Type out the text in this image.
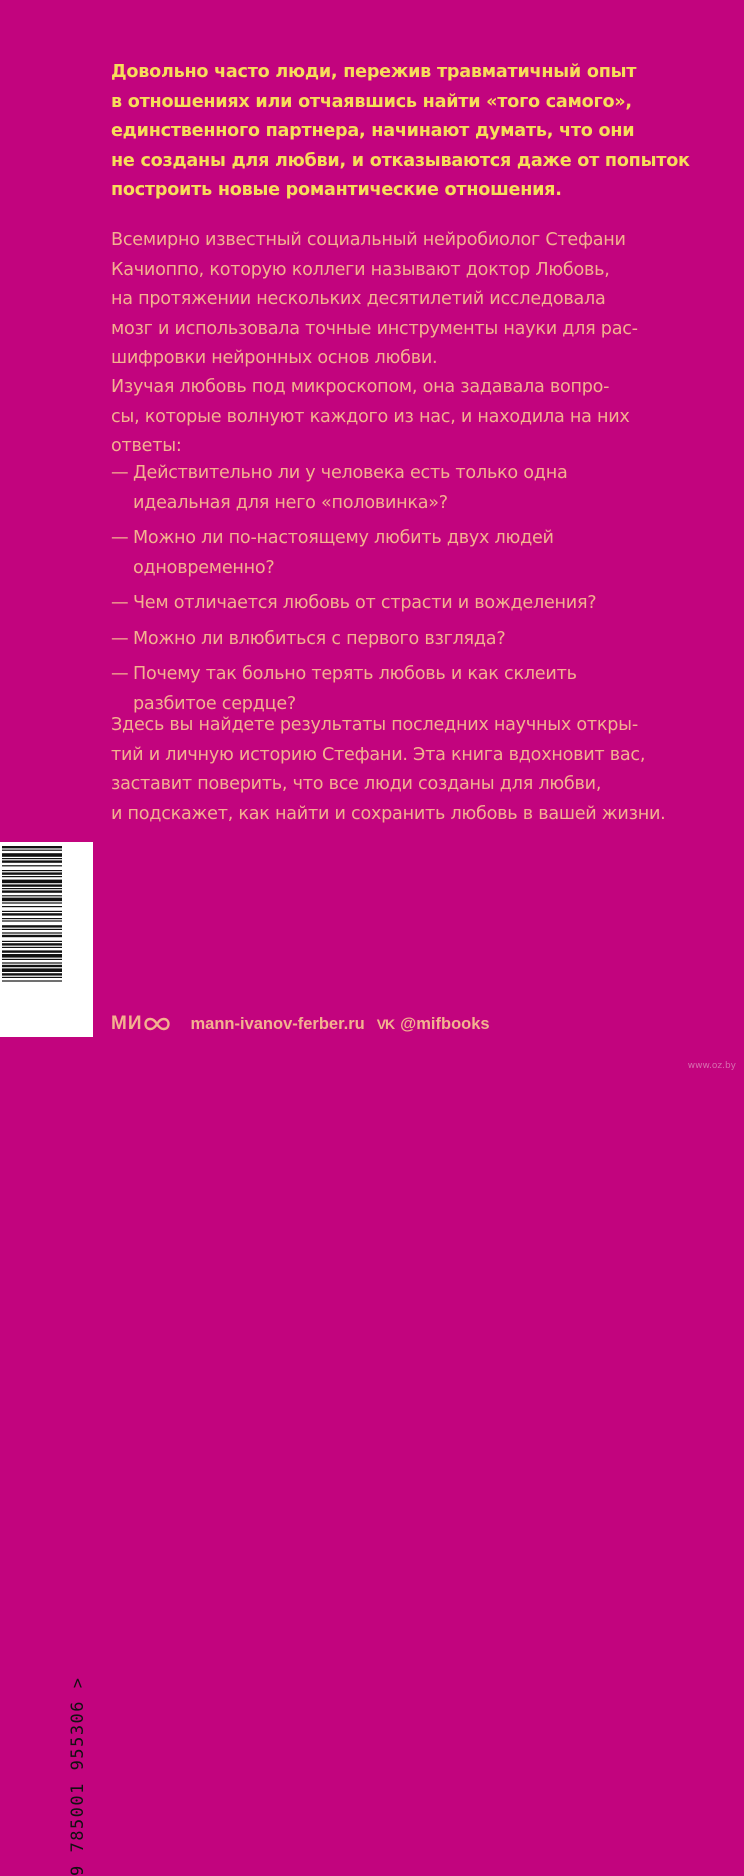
Довольно часто люди, пережив травматичный опыт
в отношениях или отчаявшись найти «того самого»,
единственного партнера, начинают думать, что они
не созданы для любви, и отказываются даже от попыток
построить новые романтические отношения.
Всемирно известный социальный нейробиолог Стефани
Качиоппо, которую коллеги называют доктор Любовь,
на протяжении нескольких десятилетий исследовала
мозг и использовала точные инструменты науки для рас-
шифровки нейронных основ любви.
Изучая любовь под микроскопом, она задавала вопро-
сы, которые волнуют каждого из нас, и находила на них
ответы:
— Действительно ли у человека есть только одна
идеальная для него «половинка»?
— Можно ли по-настоящему любить двух людей
одновременно?
— Чем отличается любовь от страсти и вожделения?
— Можно ли влюбиться с первого взгляда?
— Почему так больно терять любовь и как склеить
разбитое сердце?
Здесь вы найдете результаты последних научных откры-
тий и личную историю Стефани. Эта книга вдохновит вас,
заставит поверить, что все люди созданы для любви,
и подскажет, как найти и сохранить любовь в вашей жизни.
9 785001 955306 >
МИ	mann-ivanov-ferber.ru VK @mifbooks
www.oz.by
